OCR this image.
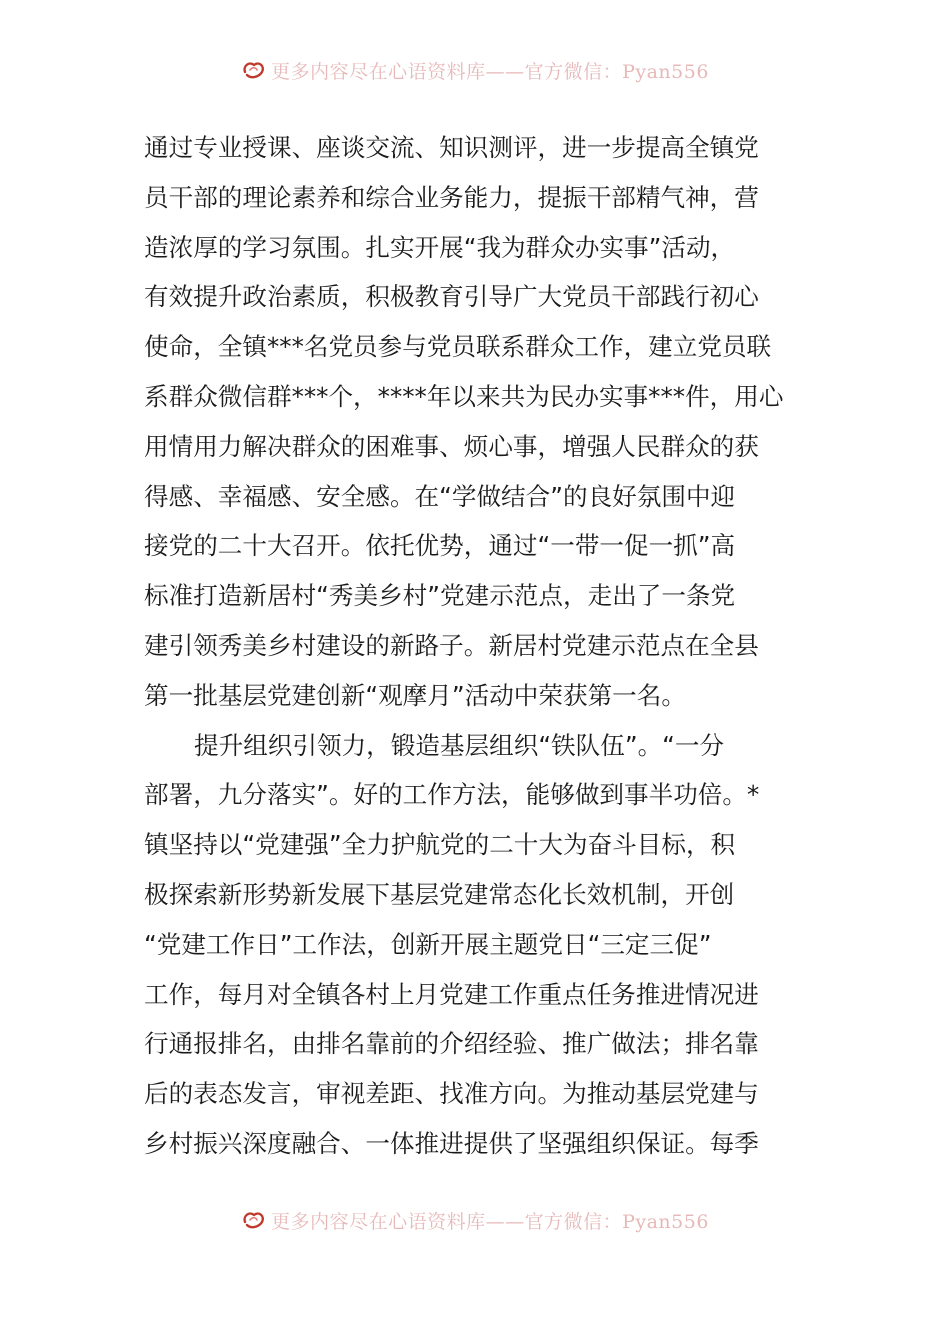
更多内容尽在心语资料库——官方微信：Pyan556

通过专业授课、座谈交流、知识测评，进一步提高全镇党
员干部的理论素养和综合业务能力，提振干部精气神，营
造浓厚的学习氛围。扎实开展“我为群众办实事”活动，
有效提升政治素质，积极教育引导广大党员干部践行初心
使命，全镇***名党员参与党员联系群众工作，建立党员联
系群众微信群***个，****年以来共为民办实事***件，用心
用情用力解决群众的困难事、烦心事，增强人民群众的获
得感、幸福感、安全感。在“学做结合”的良好氛围中迎
接党的二十大召开。依托优势，通过“一带一促一抓”高
标准打造新居村“秀美乡村”党建示范点，走出了一条党
建引领秀美乡村建设的新路子。新居村党建示范点在全县
第一批基层党建创新“观摩月”活动中荣获第一名。

提升组织引领力，锻造基层组织“铁队伍”。“一分
部署，九分落实”。好的工作方法，能够做到事半功倍。*
镇坚持以“党建强”全力护航党的二十大为奋斗目标，积
极探索新形势新发展下基层党建常态化长效机制，开创
“党建工作日”工作法，创新开展主题党日“三定三促”
工作，每月对全镇各村上月党建工作重点任务推进情况进
行通报排名，由排名靠前的介绍经验、推广做法；排名靠
后的表态发言，审视差距、找准方向。为推动基层党建与
乡村振兴深度融合、一体推进提供了坚强组织保证。每季

更多内容尽在心语资料库——官方微信：Pyan556
